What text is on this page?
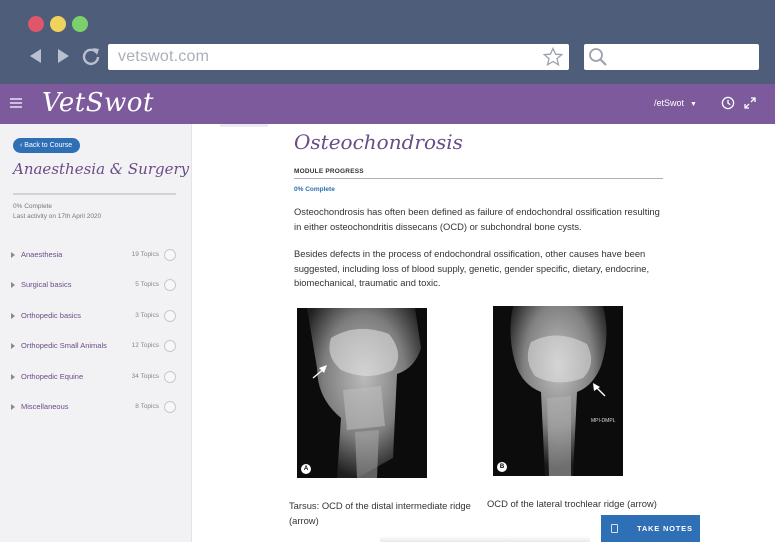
vetswot.com
VetSwot	/etSwot ▼
‹ Back to Course
Anaesthesia & Surgery
0% Complete
Last activity on 17th April 2020
Anaesthesia	19 Topics
Surgical basics	5 Topics
Orthopedic basics	3 Topics
Orthopedic Small Animals	12 Topics
Orthopedic Equine	34 Topics
Miscellaneous	8 Topics
Osteochondrosis
MODULE PROGRESS
0% Complete

Osteochondrosis has often been defined as failure of endochondral ossification resulting in either osteochondritis dissecans (OCD) or subchondral bone cysts.

Besides defects in the process of endochondral ossification, other causes have been suggested, including loss of blood supply, genetic, gender specific, dietary, endocrine, biomechanical, traumatic and toxic.

A
MPI-DMPL
B
Tarsus: OCD of the distal intermediate ridge (arrow)
OCD of the lateral trochlear ridge (arrow)
TAKE NOTES
